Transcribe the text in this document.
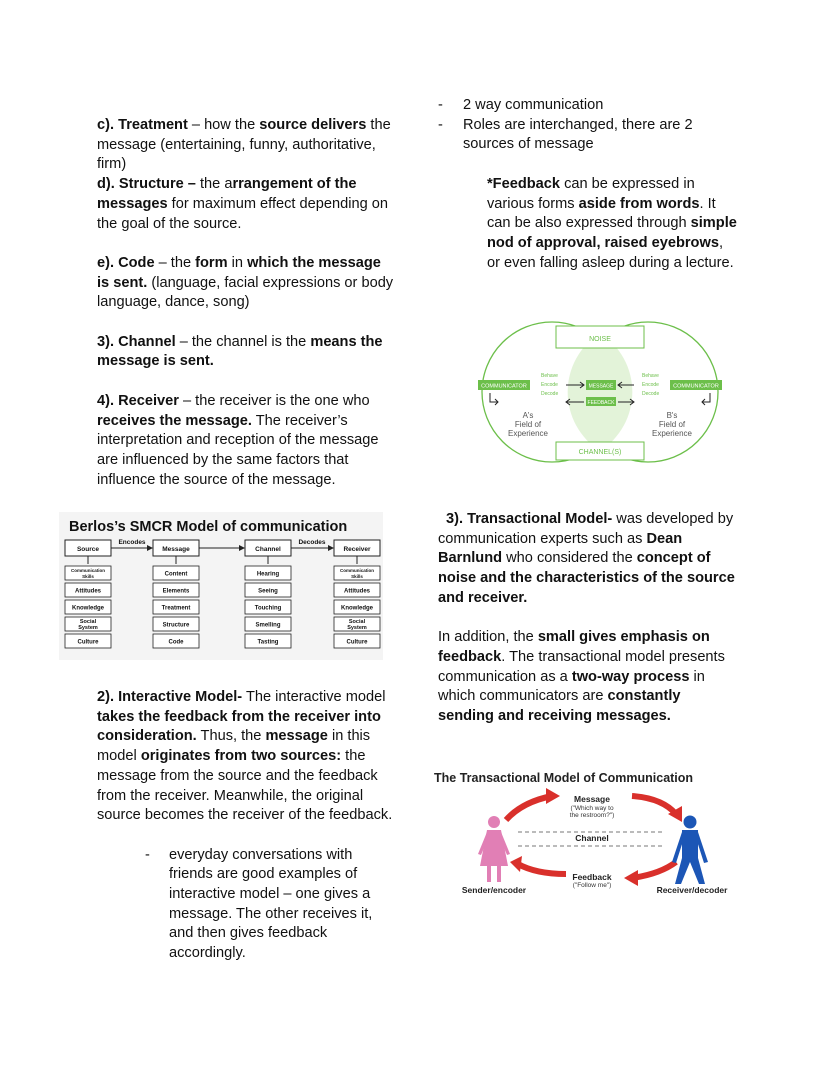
c). Treatment – how the source delivers the message (entertaining, funny, authoritative, firm)

d). Structure – the arrangement of the messages for maximum effect depending on the goal of the source.

e). Code – the form in which the message is sent. (language, facial expressions or body language, dance, song)

3). Channel – the channel is the means the message is sent.

4). Receiver – the receiver is the one who receives the message. The receiver’s interpretation and reception of the message are influenced by the same factors that influence the source of the message.

Berlos’s SMCR Model of communication
Source
Communication
Skills
Attitudes
Knowledge
Social
System
Culture
Message
Content
Elements
Treatment
Structure
Code
Channel
Hearing
Seeing
Touching
Smelling
Tasting
Receiver
Communication
Skills
Attitudes
Knowledge
Social
System
Culture
Encodes	Decodes

2). Interactive Model- The interactive model takes the feedback from the receiver into consideration. Thus, the message in this model originates from two sources: the message from the source and the feedback from the receiver. Meanwhile, the original source becomes the receiver of the feedback.

- everyday conversations with friends are good examples of interactive model – one gives a message. The other receives it, and then gives feedback accordingly.

- 2 way communication

- Roles are interchanged, there are 2 sources of message

*Feedback can be expressed in various forms aside from words. It can be also expressed through simple nod of approval, raised eyebrows, or even falling asleep during a lecture.

NOISE
CHANNEL(S)
COMMUNICATOR	COMMUNICATOR
MESSAGE
FEEDBACK
Behave
Encode
Decode
Behave
Encode
Decode
A's
Field of
Experience
B's
Field of
Experience

3). Transactional Model- was developed by communication experts such as Dean Barnlund who considered the concept of noise and the characteristics of the source and receiver.

In addition, the small gives emphasis on feedback. The transactional model presents communication as a two-way process in which communicators are constantly sending and receiving messages.

The Transactional Model of Communication
Message
("Which way to
the restroom?")
Channel
Feedback
("Follow me")
Sender/encoder	Receiver/decoder
